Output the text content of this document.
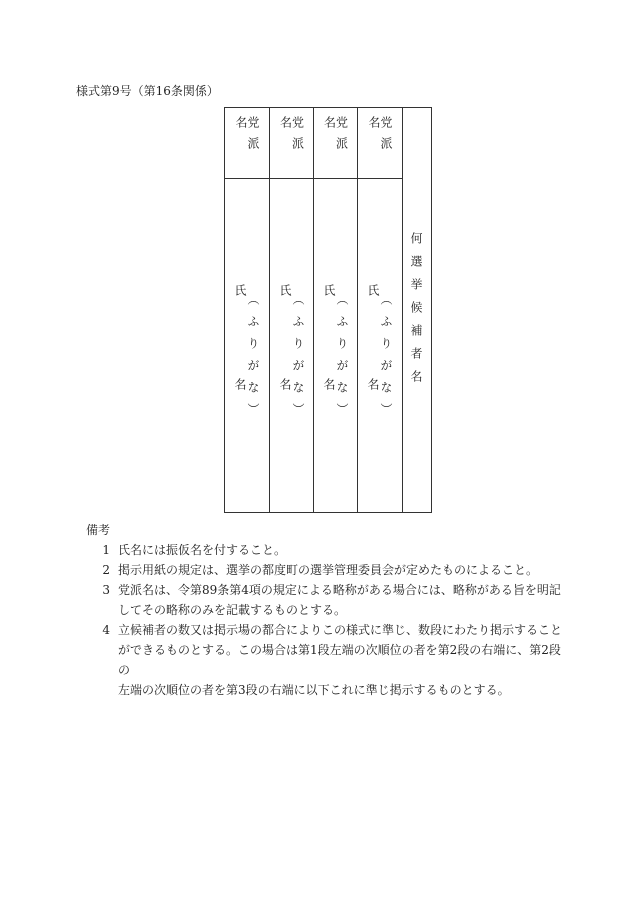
様式第9号（第16条関係）
党派名
氏名 （ふりがな）
党派名
氏名 （ふりがな）
党派名
氏名 （ふりがな）
党派名
氏名 （ふりがな） 何選挙候補者名
備考
1 氏名には振仮名を付すること。
2 掲示用紙の規定は、選挙の都度町の選挙管理委員会が定めたものによること。
3 党派名は、令第89条第4項の規定による略称がある場合には、略称がある旨を明記
してその略称のみを記載するものとする。
4 立候補者の数又は掲示場の都合によりこの様式に準じ、数段にわたり掲示すること
ができるものとする。この場合は第1段左端の次順位の者を第2段の右端に、第2段の
左端の次順位の者を第3段の右端に以下これに準じ掲示するものとする。
